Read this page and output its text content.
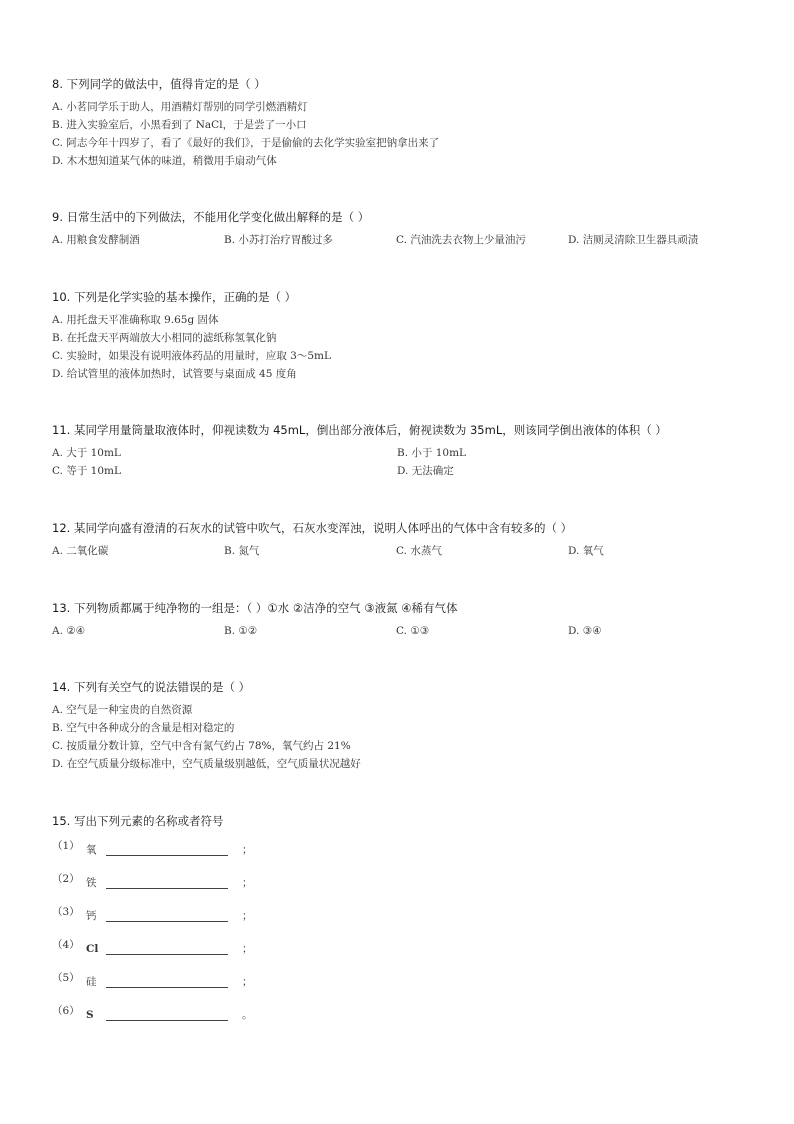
8. 下列同学的做法中，值得肯定的是（ ）
A. 小茗同学乐于助人，用酒精灯帮别的同学引燃酒精灯
B. 进入实验室后，小黑看到了 NaCl，于是尝了一小口
C. 阿志今年十四岁了，看了《最好的我们》，于是偷偷的去化学实验室把钠拿出来了
D. 木木想知道某气体的味道，稍微用手扇动气体
9. 日常生活中的下列做法，不能用化学变化做出解释的是（ ）
A. 用粮食发酵制酒	B. 小苏打治疗胃酸过多	C. 汽油洗去衣物上少量油污	D. 洁厕灵清除卫生器具顽渍
10. 下列是化学实验的基本操作，正确的是（ ）
A. 用托盘天平准确称取 9.65g 固体
B. 在托盘天平两端放大小相同的滤纸称氢氧化钠
C. 实验时，如果没有说明液体药品的用量时，应取 3～5mL
D. 给试管里的液体加热时，试管要与桌面成 45 度角
11. 某同学用量筒量取液体时，仰视读数为 45mL，倒出部分液体后，俯视读数为 35mL，则该同学倒出液体的体积（ ）
A. 大于 10mL	B. 小于 10mL
C. 等于 10mL	D. 无法确定
12. 某同学向盛有澄清的石灰水的试管中吹气，石灰水变浑浊，说明人体呼出的气体中含有较多的（ ）
A. 二氧化碳	B. 氮气	C. 水蒸气	D. 氧气
13. 下列物质都属于纯净物的一组是：（ ）①水 ②洁净的空气 ③液氮 ④稀有气体
A. ②④	B. ①②	C. ①③	D. ③④
14. 下列有关空气的说法错误的是（ ）
A. 空气是一种宝贵的自然资源
B. 空气中各种成分的含量是相对稳定的
C. 按质量分数计算，空气中含有氮气约占 78%，氧气约占 21%
D. 在空气质量分级标准中，空气质量级别越低，空气质量状况越好
15. 写出下列元素的名称或者符号
（1） 氧	；
（2） 铁	；
（3） 钙	；
（4） Cl	；
（5） 硅	；
（6） S	。
